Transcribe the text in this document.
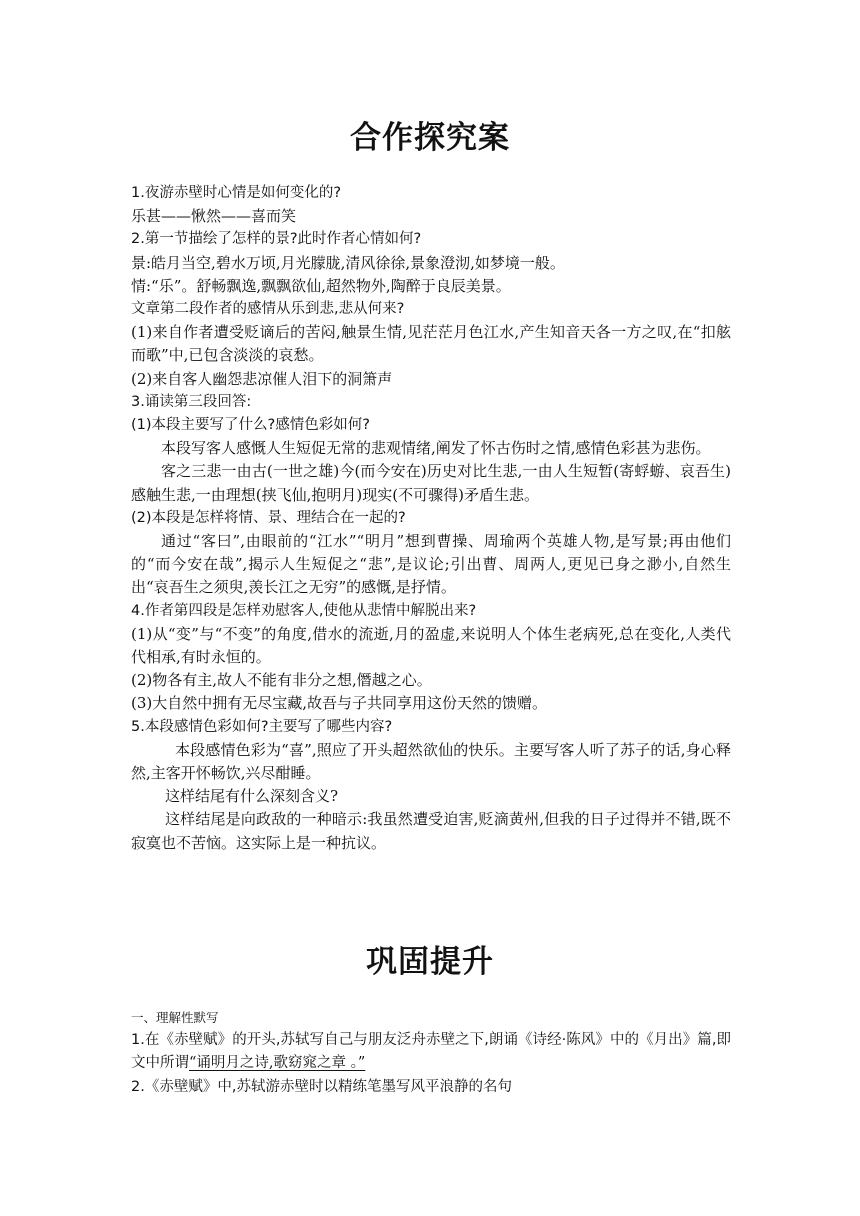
合作探究案

1.夜游赤壁时心情是如何变化的?

乐甚——愀然——喜而笑

2.第一节描绘了怎样的景?此时作者心情如何?

景:皓月当空,碧水万顷,月光朦胧,清风徐徐,景象澄沏,如梦境一般。

情:“乐”。舒畅飘逸,飘飘欲仙,超然物外,陶醉于良辰美景。

文章第二段作者的感情从乐到悲,悲从何来?

(1)来自作者遭受贬谪后的苦闷,触景生情,见茫茫月色江水,产生知音天各一方之叹,在“扣舷而歌”中,已包含淡淡的哀愁。

(2)来自客人幽怨悲凉催人泪下的洞箫声

3.诵读第三段回答:

(1)本段主要写了什么?感情色彩如何?

本段写客人感慨人生短促无常的悲观情绪,阐发了怀古伤时之情,感情色彩甚为悲伤。

客之三悲一由古(一世之雄)今(而今安在)历史对比生悲,一由人生短暂(寄蜉蝣、哀吾生)感触生悲,一由理想(挟飞仙,抱明月)现实(不可骤得)矛盾生悲。

(2)本段是怎样将情、景、理结合在一起的?

通过“客曰”,由眼前的“江水”“明月”想到曹操、周瑜两个英雄人物,是写景;再由他们的“而今安在哉”,揭示人生短促之“悲”,是议论;引出曹、周两人,更见已身之渺小,自然生出“哀吾生之须臾,羡长江之无穷”的感慨,是抒情。

4.作者第四段是怎样劝慰客人,使他从悲情中解脱出来?

(1)从“变”与“不变”的角度,借水的流逝,月的盈虚,来说明人个体生老病死,总在变化,人类代代相承,有时永恒的。

(2)物各有主,故人不能有非分之想,僭越之心。

(3)大自然中拥有无尽宝藏,故吾与子共同享用这份天然的馈赠。

5.本段感情色彩如何?主要写了哪些内容?

本段感情色彩为“喜”,照应了开头超然欲仙的快乐。主要写客人听了苏子的话,身心释然,主客开怀畅饮,兴尽酣睡。

这样结尾有什么深刻含义?

这样结尾是向政敌的一种暗示:我虽然遭受迫害,贬滴黄州,但我的日子过得并不错,既不寂寞也不苦恼。这实际上是一种抗议。

巩固提升

一、理解性默写

1.在《赤壁赋》的开头,苏轼写自己与朋友泛舟赤壁之下,朗诵《诗经·陈风》中的《月出》篇,即文中所谓“诵明月之诗,歌窈窕之章 。”

2.《赤壁赋》中,苏轼游赤壁时以精练笔墨写风平浪静的名句
